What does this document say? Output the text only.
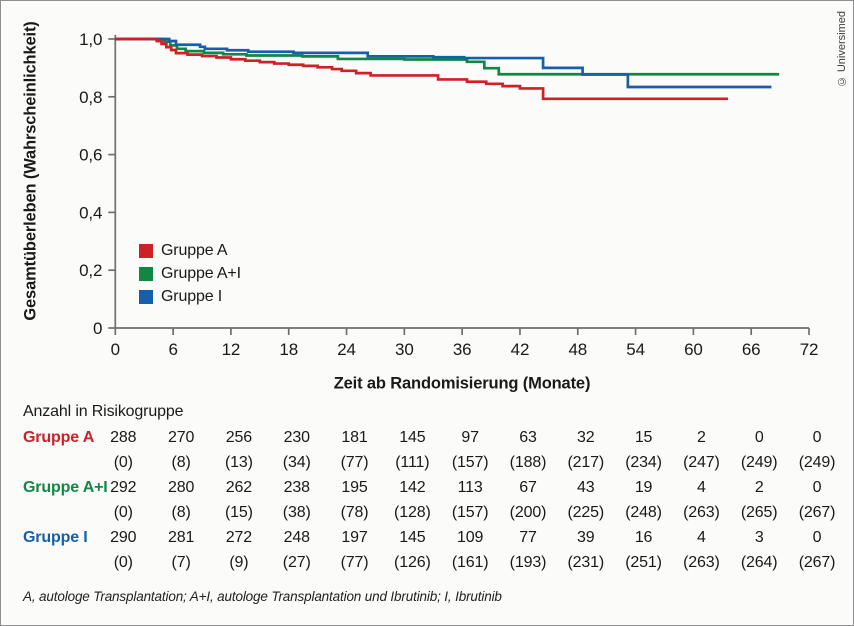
1,0
0,8
0,6
0,4
0,2
0
0	6	12 18 24 30 36 42 48 54 60 66 72
Gesamtüberleben (Wahrscheinlichkeit)
Zeit ab Randomisierung (Monate)
Gruppe A
Gruppe A+I
Gruppe I
© Universimed
Anzahl in Risikogruppe
Gruppe A 288 270 256 230 181 145 97	63	32	15	2	0	0
(0) (8) (13) (34) (77) (111) (157) (188) (217) (234) (247) (249) (249)
Gruppe A+I 292 280 262 238 195 142 113 67	43	19	4	2	0
(0) (8) (15) (38) (78) (128) (157) (200) (225) (248) (263) (265) (267)
Gruppe I 290 281 272 248 197 145 109 77	39	16	4	3	0
(0) (7) (9) (27) (77) (126) (161) (193) (231) (251) (263) (264) (267)
A, autologe Transplantation; A+I, autologe Transplantation und Ibrutinib; I, Ibrutinib
